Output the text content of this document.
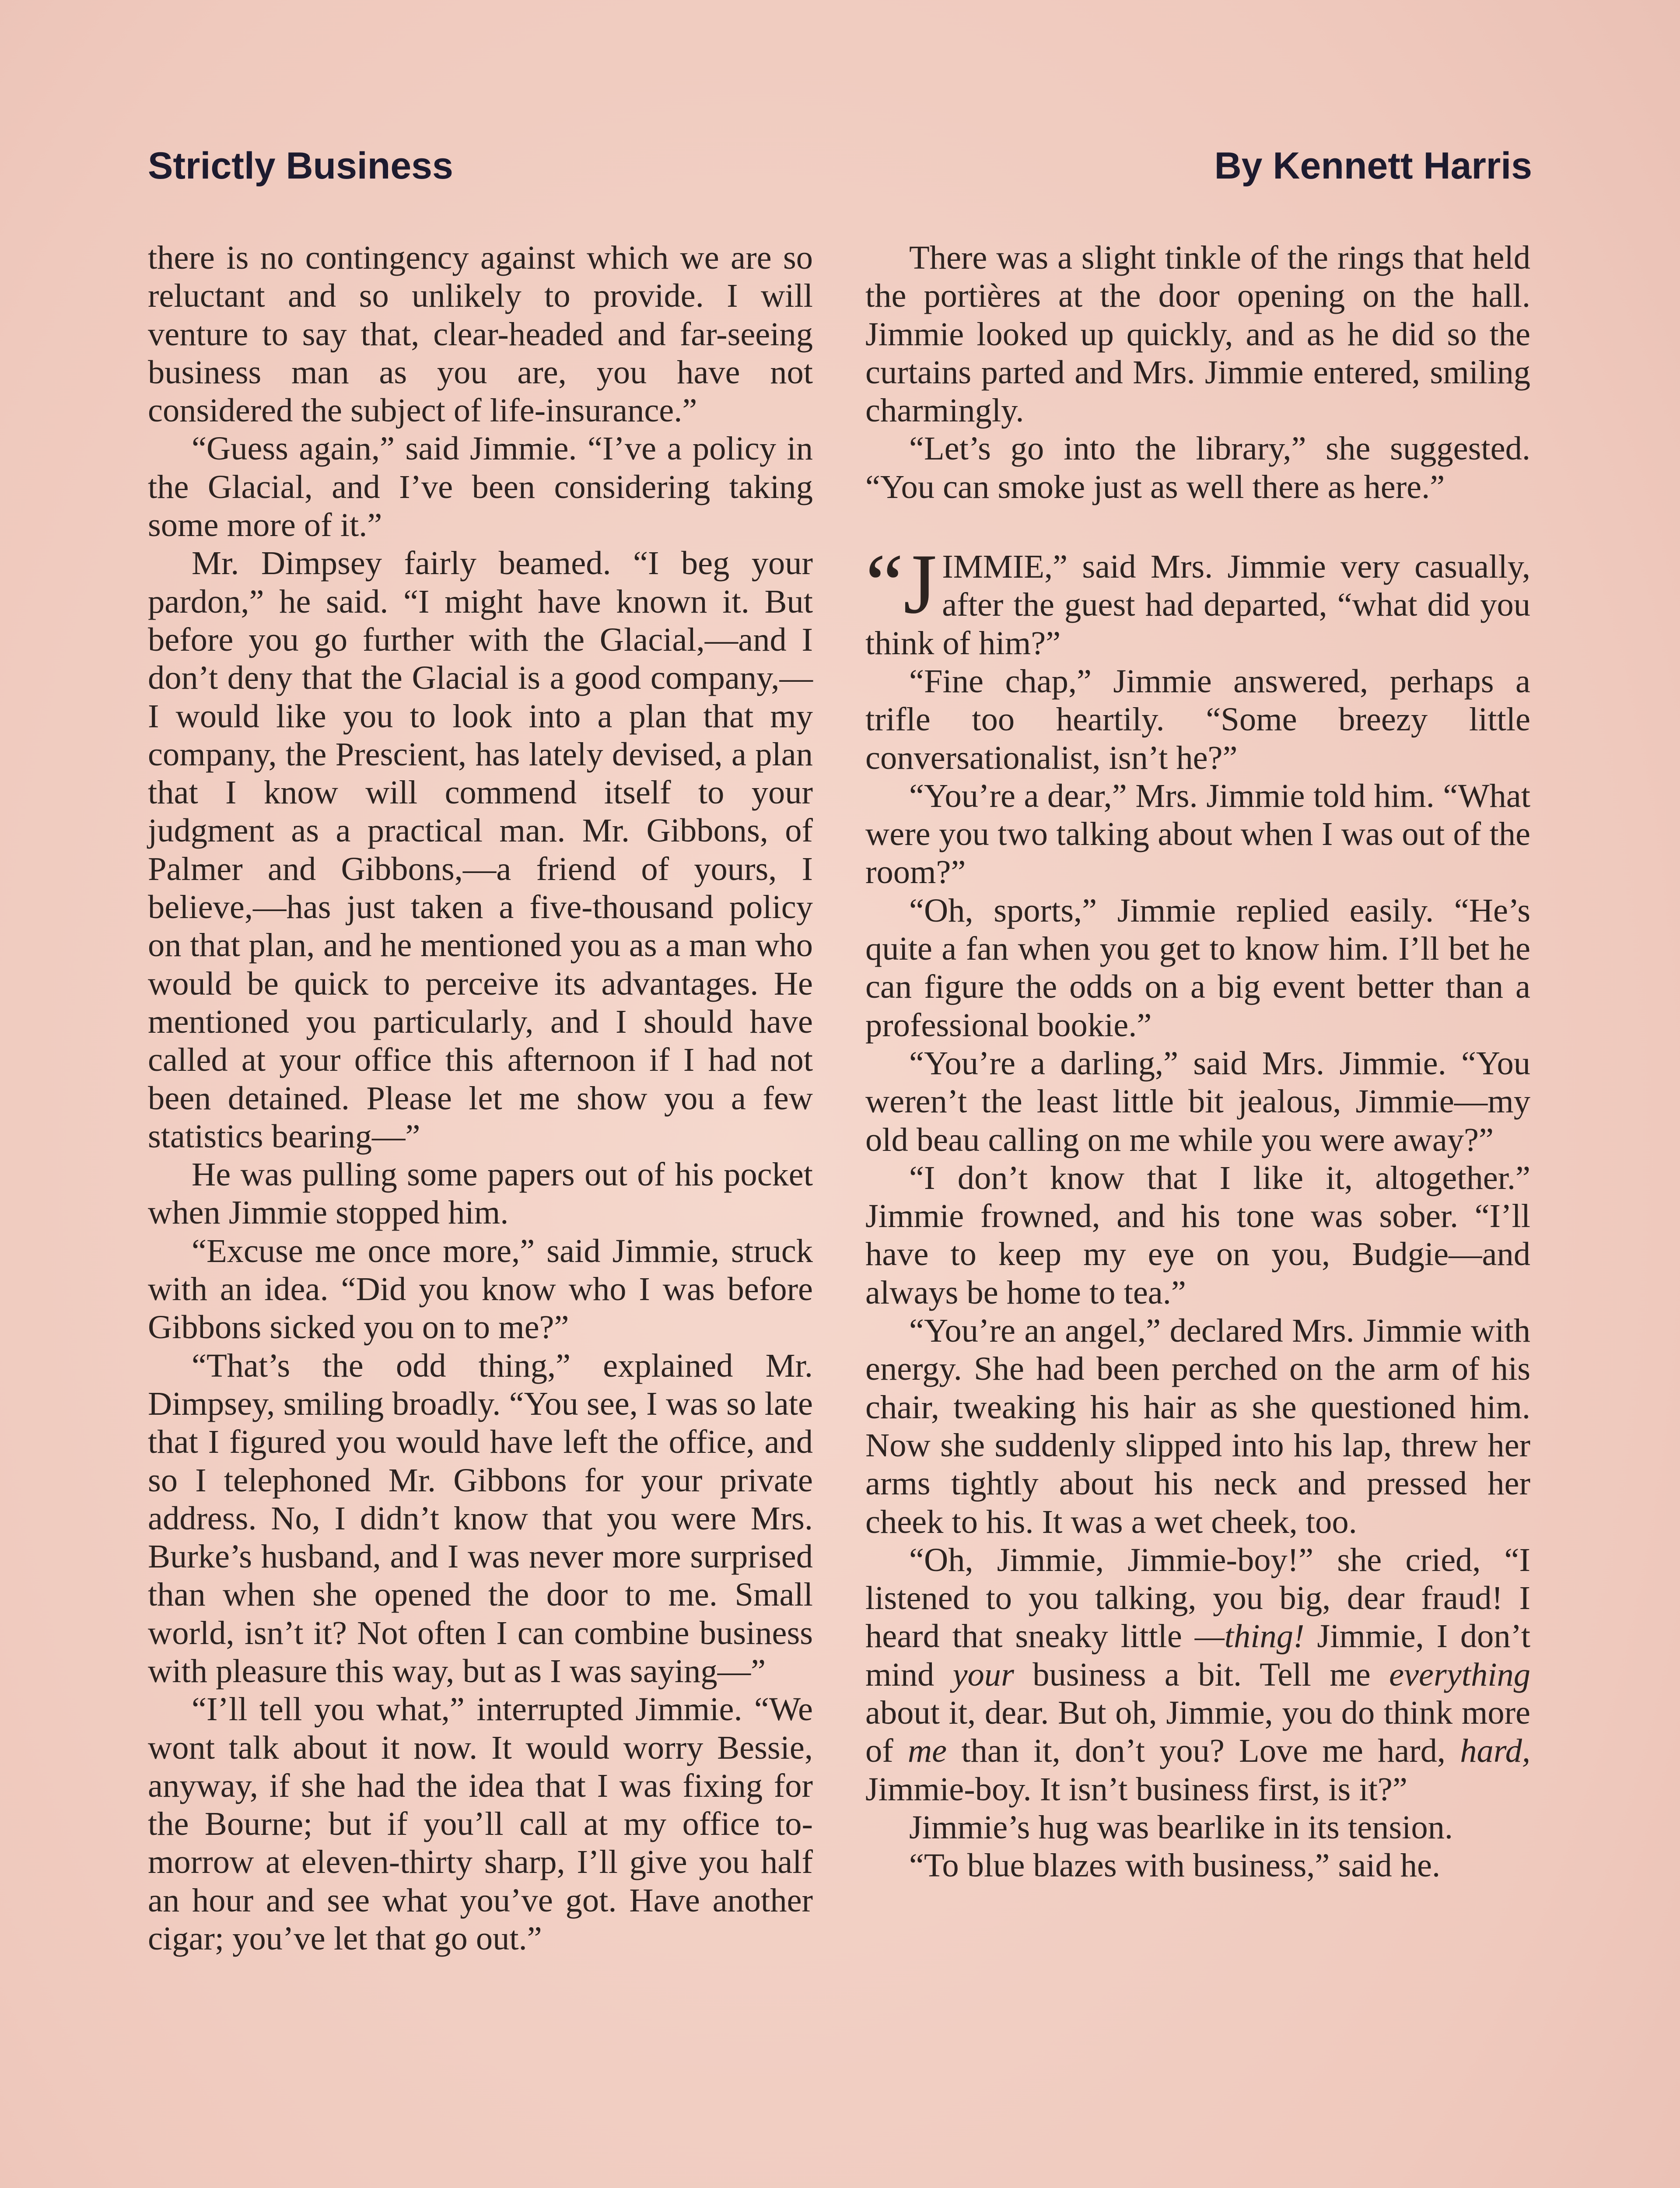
Strictly Business	By Kennett Harris

there is no contingency against which we are so reluctant and so unlikely to provide. I will venture to say that, clear-headed and far-seeing business man as you are, you have not considered the subject of life-insurance.”

“Guess again,” said Jimmie. “I’ve a policy in the Glacial, and I’ve been considering taking some more of it.”

Mr. Dimpsey fairly beamed. “I beg your pardon,” he said. “I might have known it. But before you go further with the Glacial,—and I don’t deny that the Glacial is a good company,—I would like you to look into a plan that my company, the Prescient, has lately devised, a plan that I know will commend itself to your judgment as a practical man. Mr. Gibbons, of Palmer and Gibbons,—a friend of yours, I believe,—has just taken a five-thousand policy on that plan, and he mentioned you as a man who would be quick to perceive its advantages. He mentioned you particularly, and I should have called at your office this afternoon if I had not been detained. Please let me show you a few statistics bearing—”

He was pulling some papers out of his pocket when Jimmie stopped him.

“Excuse me once more,” said Jimmie, struck with an idea. “Did you know who I was before Gibbons sicked you on to me?”

“That’s the odd thing,” explained Mr. Dimpsey, smiling broadly. “You see, I was so late that I figured you would have left the office, and so I telephoned Mr. Gibbons for your private address. No, I didn’t know that you were Mrs. Burke’s husband, and I was never more surprised than when she opened the door to me. Small world, isn’t it? Not often I can combine business with pleasure this way, but as I was saying—”

“I’ll tell you what,” interrupted Jimmie. “We wont talk about it now. It would worry Bessie, anyway, if she had the idea that I was fixing for the Bourne; but if you’ll call at my office to-morrow at eleven-thirty sharp, I’ll give you half an hour and see what you’ve got. Have another cigar; you’ve let that go out.”

There was a slight tinkle of the rings that held the portières at the door opening on the hall. Jimmie looked up quickly, and as he did so the curtains parted and Mrs. Jimmie entered, smiling charmingly.

“Let’s go into the library,” she suggested. “You can smoke just as well there as here.”

“JIMMIE,” said Mrs. Jimmie very casually, after the guest had departed, “what did you think of him?”

“Fine chap,” Jimmie answered, perhaps a trifle too heartily. “Some breezy little conversationalist, isn’t he?”

“You’re a dear,” Mrs. Jimmie told him. “What were you two talking about when I was out of the room?”

“Oh, sports,” Jimmie replied easily. “He’s quite a fan when you get to know him. I’ll bet he can figure the odds on a big event better than a professional bookie.”

“You’re a darling,” said Mrs. Jimmie. “You weren’t the least little bit jealous, Jimmie—my old beau calling on me while you were away?”

“I don’t know that I like it, altogether.” Jimmie frowned, and his tone was sober. “I’ll have to keep my eye on you, Budgie—and always be home to tea.”

“You’re an angel,” declared Mrs. Jimmie with energy. She had been perched on the arm of his chair, tweaking his hair as she questioned him. Now she suddenly slipped into his lap, threw her arms tightly about his neck and pressed her cheek to his. It was a wet cheek, too.

“Oh, Jimmie, Jimmie-boy!” she cried, “I listened to you talking, you big, dear fraud! I heard that sneaky little —thing! Jimmie, I don’t mind your business a bit. Tell me everything about it, dear. But oh, Jimmie, you do think more of me than it, don’t you? Love me hard, hard, Jimmie-boy. It isn’t business first, is it?”

Jimmie’s hug was bearlike in its tension.

“To blue blazes with business,” said he.
